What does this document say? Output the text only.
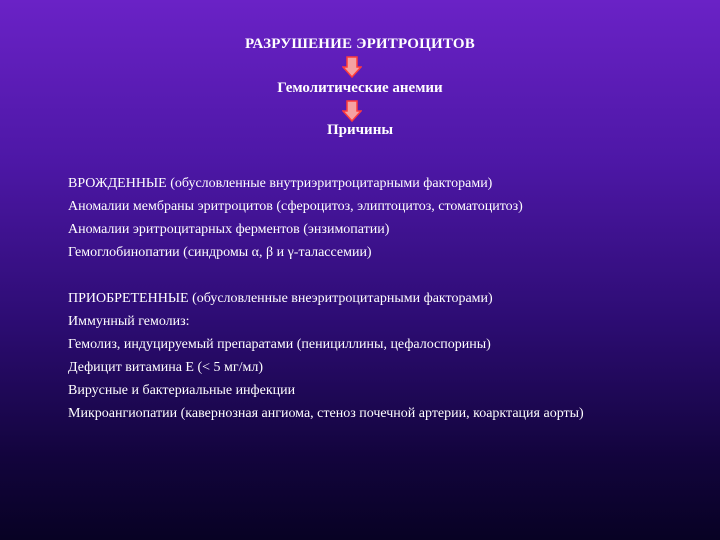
РАЗРУШЕНИЕ ЭРИТРОЦИТОВ
Гемолитические анемии
Причины
ВРОЖДЕННЫЕ (обусловленные внутриэритроцитарными факторами)
Аномалии мембраны эритроцитов (сфероцитоз, элиптоцитоз, стоматоцитоз)
Аномалии эритроцитарных ферментов (энзимопатии)
Гемоглобинопатии (синдромы α, β и γ-талассемии)
ПРИОБРЕТЕННЫЕ (обусловленные внеэритроцитарными факторами)
Иммунный гемолиз:
Гемолиз, индуцируемый препаратами (пенициллины, цефалоспорины)
Дефицит витамина Е (< 5 мг/мл)
Вирусные и бактериальные инфекции
Микроангиопатии (кавернозная ангиома, стеноз почечной артерии, коарктация аорты)
